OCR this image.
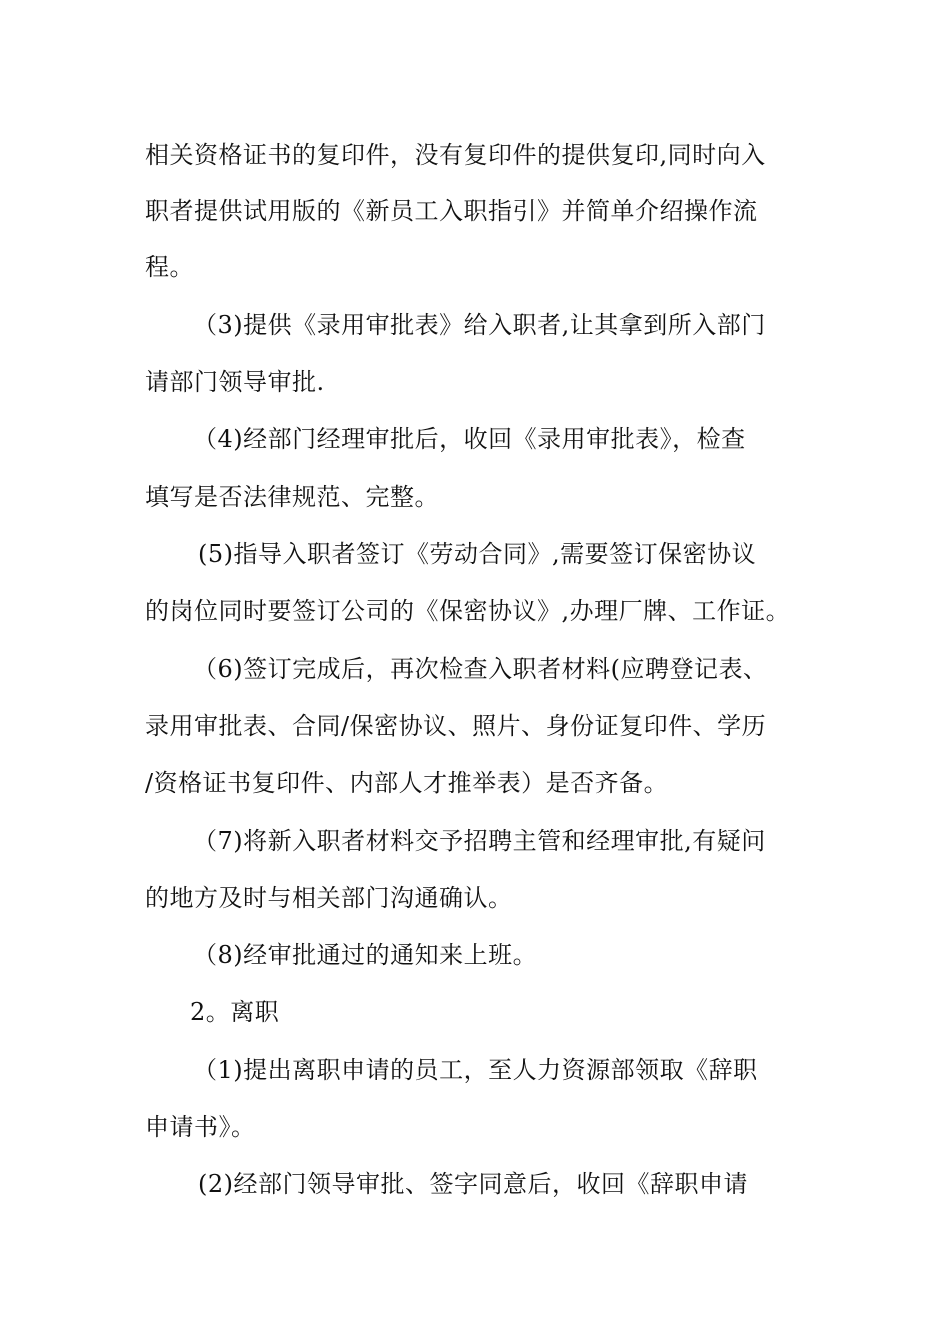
相关资格证书的复印件，没有复印件的提供复印,同时向入
职者提供试用版的《新员工入职指引》并简单介绍操作流
程。
（3)提供《录用审批表》给入职者,让其拿到所入部门
请部门领导审批.
（4)经部门经理审批后，收回《录用审批表》，检查
填写是否法律规范、完整。
(5)指导入职者签订《劳动合同》,需要签订保密协议
的岗位同时要签订公司的《保密协议》,办理厂牌、工作证。
（6)签订完成后，再次检查入职者材料(应聘登记表、
录用审批表、合同/保密协议、照片、身份证复印件、学历
/资格证书复印件、内部人才推举表）是否齐备。
（7)将新入职者材料交予招聘主管和经理审批,有疑问
的地方及时与相关部门沟通确认。
（8)经审批通过的通知来上班。
2。离职
（1)提出离职申请的员工，至人力资源部领取《辞职
申请书》。
(2)经部门领导审批、签字同意后，收回《辞职申请
